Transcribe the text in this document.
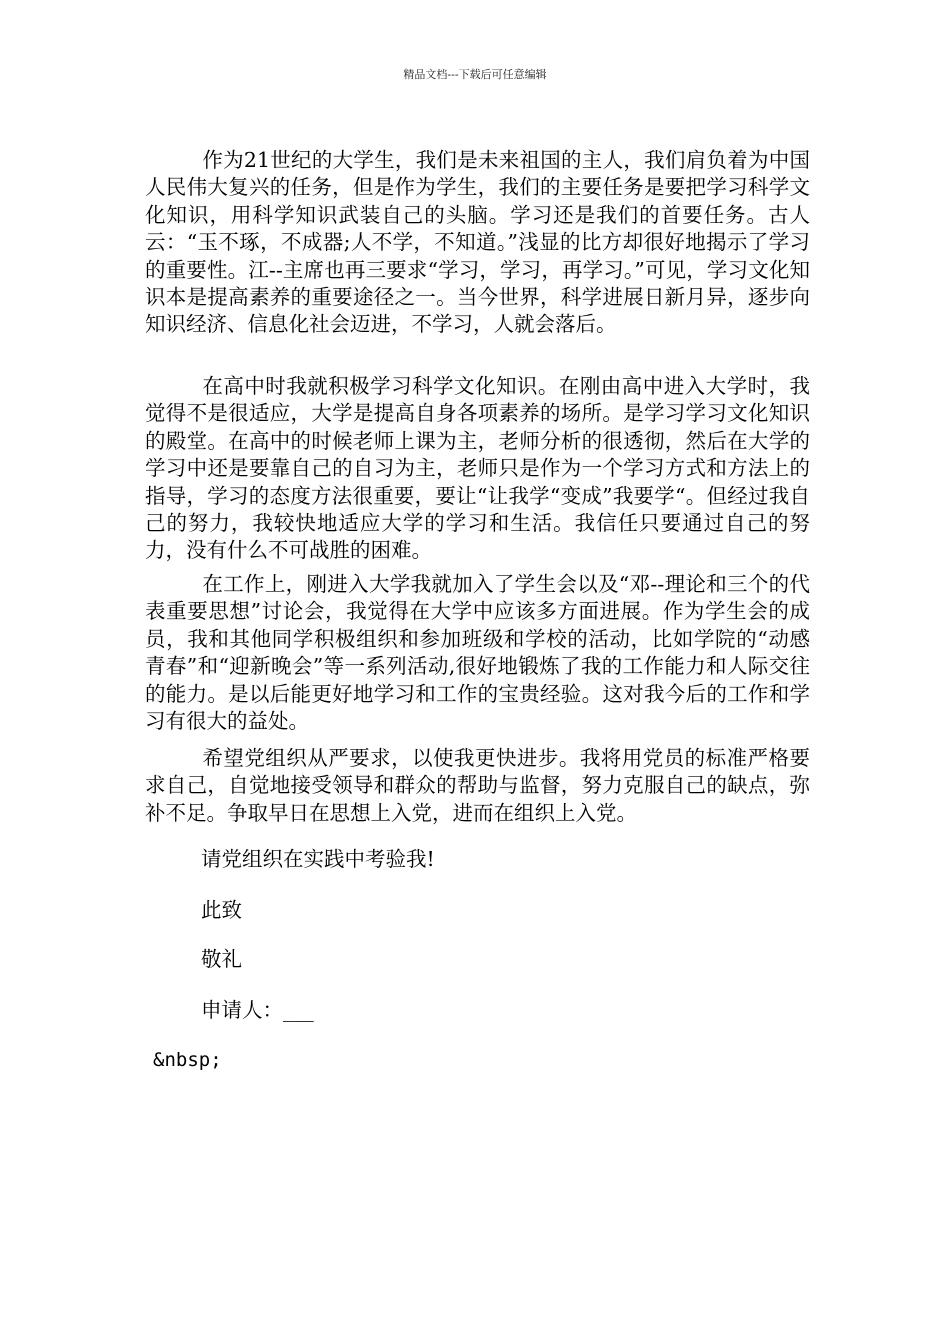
精品文档---下载后可任意编辑

作为21世纪的大学生，我们是未来祖国的主人，我们肩负着为中国人民伟大复兴的任务，但是作为学生，我们的主要任务是要把学习科学文化知识，用科学知识武装自己的头脑。学习还是我们的首要任务。古人云：“玉不琢，不成器;人不学，不知道。”浅显的比方却很好地揭示了学习的重要性。江--主席也再三要求“学习，学习，再学习。”可见，学习文化知识本是提高素养的重要途径之一。当今世界，科学进展日新月异，逐步向知识经济、信息化社会迈进，不学习，人就会落后。

在高中时我就积极学习科学文化知识。在刚由高中进入大学时，我觉得不是很适应，大学是提高自身各项素养的场所。是学习学习文化知识的殿堂。在高中的时候老师上课为主，老师分析的很透彻，然后在大学的学习中还是要靠自己的自习为主，老师只是作为一个学习方式和方法上的指导，学习的态度方法很重要，要让“让我学“变成”我要学“。但经过我自己的努力，我较快地适应大学的学习和生活。我信任只要通过自己的努力，没有什么不可战胜的困难。

在工作上，刚进入大学我就加入了学生会以及“邓--理论和三个的代表重要思想”讨论会，我觉得在大学中应该多方面进展。作为学生会的成员，我和其他同学积极组织和参加班级和学校的活动，比如学院的“动感青春”和“迎新晚会”等一系列活动,很好地锻炼了我的工作能力和人际交往的能力。是以后能更好地学习和工作的宝贵经验。这对我今后的工作和学习有很大的益处。

希望党组织从严要求，以使我更快进步。我将用党员的标准严格要求自己，自觉地接受领导和群众的帮助与监督，努力克服自己的缺点，弥补不足。争取早日在思想上入党，进而在组织上入党。

请党组织在实践中考验我!
此致
敬礼
申请人：___
&nbsp;
